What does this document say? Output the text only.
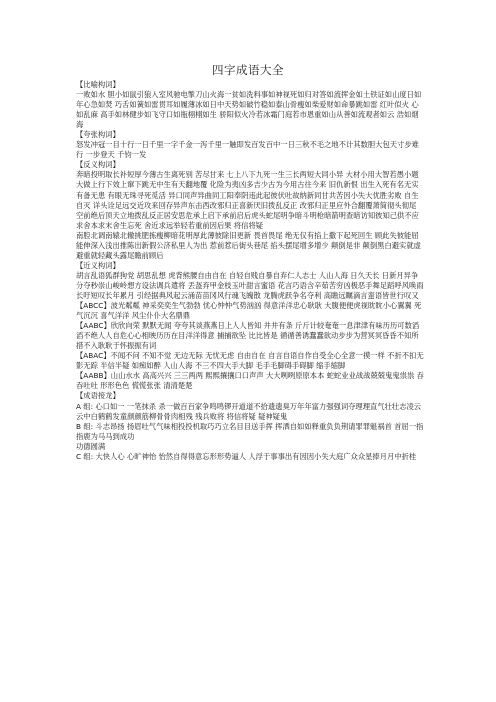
四字成语大全
【比喻构词】
一败如水 胆小如鼠引狼入室风驰电掣刀山火海一贫如洗料事如神视死如归对答如流挥金如土铁证如山度日如年心急如焚 巧舌如簧如雷贯耳如履薄冰如日中天势如破竹稳如泰山骨瘦如柴爱财如命暴跳如雷 红叶似火 心如乱麻 高手如林健步如飞守口如瓶栩栩如生 骄阳似火冷若冰霜门庭若市恩重如山从善如流观者如云 浩如烟海
【夸张构词】
怒发冲冠一目十行一日千里一字千金一泻千里一触即发百发百中一日三秋不毛之地不计其数胆大包天寸步难行 一步登天 千钧一发
【反义构词】
奔暗投明取长补短厚今薄古生离死别 苦尽甘来 七上八下九死一生三长两短大同小异 大材小用大智若愚小题大做上行下效上窜下跳无中生有天翻地覆 化险为夷凶多吉少古为今用古往今来 旧仇新恨 出生入死有名无实有备无患 有眼无珠寻死觅活 异口同声异曲同工阳奉阴违此起彼伏吐故纳新同甘共苦因小失大优胜劣败 自生自灭 详头诠足远交近攻来回存异声东击西改邪归正喜新厌旧拨乱反正 改邪归正里应外合翻覆萧简彻头彻尾 空前绝后顶天立地拨乱反正居安思危承上启下承前启后虎头蛇尾明争暗斗明枪暗箭明查暗访知彼知己供不应求舍本求末舍生忘死 舍近求远举轻若重前因后果 将信将疑
南腔北调南辕北辙挑肥拣瘦柳暗花明厚此薄彼除旧更新 畏首畏尾 绝无仅有掐上撒下起死回生 顾此失彼能屈能伸深入浅出推陈出新假公济私里人为出 惹前惹后街头巷尾 掐头摆尾增多增少 颠倒是非 颠倒黑白避实就虚避重就轻藏头露尾瞻前顾后
【近义构词】
胡言乱语狐群狗党 胡思乱想 虎背熊腰自由自在 自轻自贱自暴自弃仁人志士 人山人海 日久天长 日新月异争分夺秒崇山峻岭想方设法调兵遣将 丢盔弃甲金枝玉叶甜言蜜语 花言巧语含辛茹苦穷凶极恶手舞足蹈呼风唤雨长吁短叹长年累月 引经据典风起云涌苗苗冈风行魂飞魄散 龙腾虎跃争名夺利 高瞻远瞩滴言蛮语皆世行叹又
【ABCC】波光粼粼 神采奕奕生气勃勃 忧心忡忡气势汹汹 得意洋洋忠心耿耿 大腹便便虎视眈眈小心翼翼 死气沉沉 喜气洋洋 风尘仆仆大名鼎鼎
【AABC】欣欣向荣 默默无闻 夸夸其谈燕燕日上人人皆知 井井有条 斤斤计较奄奄一息津津有味历历可数滔滔不绝人人自危心心相映历历在目洋洋得意 捕捕欲坠 比比皆是 循循善诱蠢蠢欲动步步为营冥冥昏昏不知所措不入耿耿于怀振振有词
【ABAC】不闻不问 不知不觉 无边无际 无忧无虑 自由自在 自言自语自作自受全心全意一摸一样 不折不扣无影无踪 半信半疑 如痴如醉 人山人海 不三不四大手大脚 毛手毛脚碍手碍脚 缩手缩脚
【AABB】山山水水 高高兴兴 三三两两 熙熙攘攘口口声声 大大咧咧原原本本 蛇蛇业业战战兢兢鬼鬼祟祟 吞吞吐吐 形形色色 慌慌张张 清清楚楚
【成语接龙】
A 组: 心口如一 一笔抹杀 杀一做百百家争鸣鸣锣开道道不拾遗遗臭万年年富力强强词夺理理直气壮壮志凌云云中白鹤鹤发童颜颜筋柳骨骨肉相残 残兵败将 将信将疑 疑神疑鬼
B 组: 斗志昂扬 扬眉吐气气味相投投机取巧巧立名目目送手挥 挥洒自如如释重负负荆请罪罪魁祸首 首屈一指指鹿为马马到成功
功德圆满
C 组: 大快人心 心旷神怡 怡然自得得意忘形形势逼人 人浮于事事出有因因小失大庭广众众星捧月月中折桂
